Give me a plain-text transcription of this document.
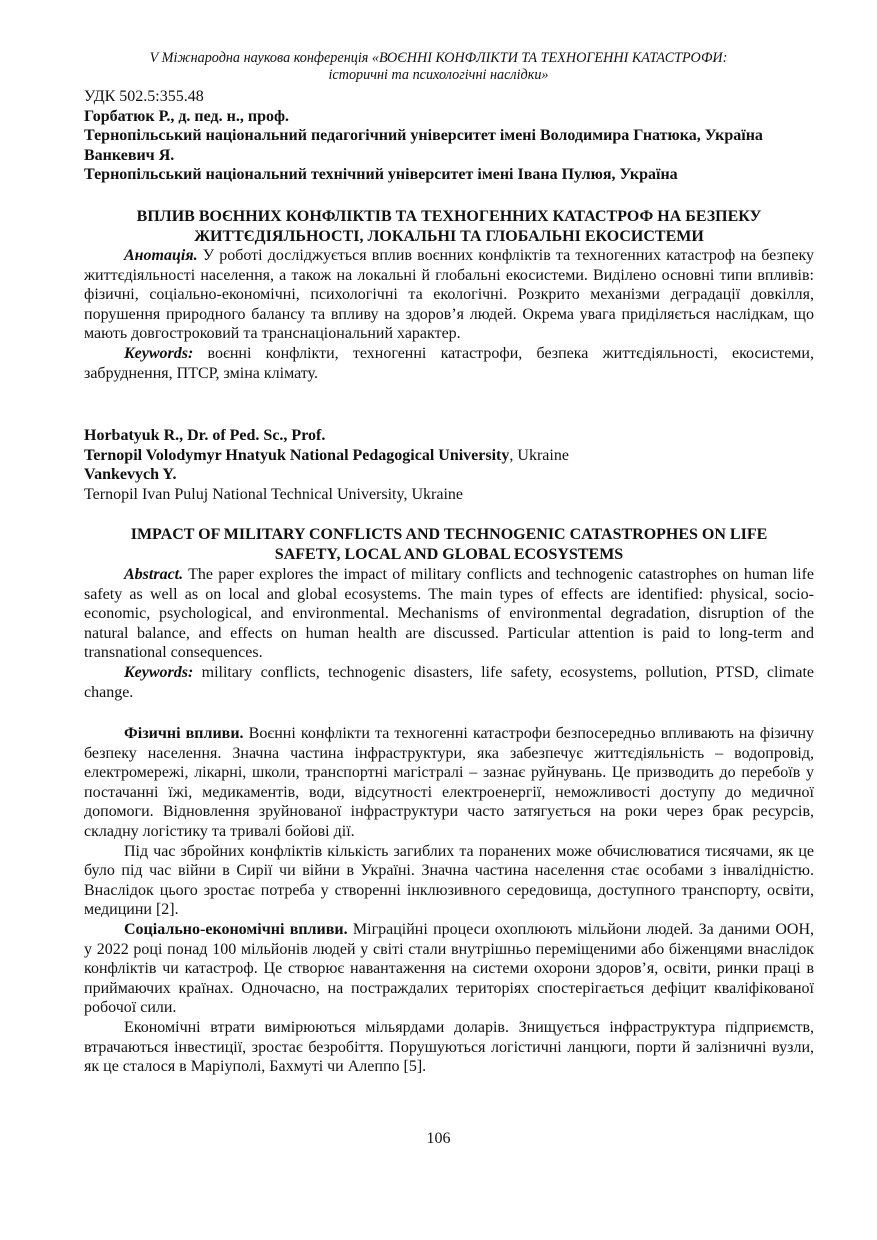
V Міжнародна наукова конференція «ВОЄННІ КОНФЛІКТИ ТА ТЕХНОГЕННІ КАТАСТРОФИ:
історичні та психологічні наслідки»
УДК 502.5:355.48
Горбатюк Р., д. пед. н., проф.
Тернопільський національний педагогічний університет імені Володимира Гнатюка, Україна
Ванкевич Я.
Тернопільський національний технічний університет імені Івана Пулюя, Україна
ВПЛИВ ВОЄННИХ КОНФЛІКТІВ ТА ТЕХНОГЕННИХ КАТАСТРОФ НА БЕЗПЕКУ
ЖИТТЄДІЯЛЬНОСТІ, ЛОКАЛЬНІ ТА ГЛОБАЛЬНІ ЕКОСИСТЕМИ

Анотація. У роботі досліджується вплив воєнних конфліктів та техногенних катастроф на безпеку життєдіяльності населення, а також на локальні й глобальні екосистеми. Виділено основні типи впливів: фізичні, соціально-економічні, психологічні та екологічні. Розкрито механізми деградації довкілля, порушення природного балансу та впливу на здоров’я людей. Окрема увага приділяється наслідкам, що мають довгостроковий та транснаціональний характер.

Keywords: воєнні конфлікти, техногенні катастрофи, безпека життєдіяльності, екосистеми, забруднення, ПТСР, зміна клімату.

Horbatyuk R., Dr. of Ped. Sc., Prof.
Ternopil Volodymyr Hnatyuk National Pedagogical University, Ukraine
Vankevych Y.
Ternopil Ivan Puluj National Technical University, Ukraine
IMPACT OF MILITARY CONFLICTS AND TECHNOGENIC CATASTROPHES ON LIFE
SAFETY, LOCAL AND GLOBAL ECOSYSTEMS

Abstract. The paper explores the impact of military conflicts and technogenic catastrophes on human life safety as well as on local and global ecosystems. The main types of effects are identified: physical, socio-economic, psychological, and environmental. Mechanisms of environmental degradation, disruption of the natural balance, and effects on human health are discussed. Particular attention is paid to long-term and transnational consequences.

Keywords: military conflicts, technogenic disasters, life safety, ecosystems, pollution, PTSD, climate change.

Фізичні впливи. Воєнні конфлікти та техногенні катастрофи безпосередньо впливають на фізичну безпеку населення. Значна частина інфраструктури, яка забезпечує життєдіяльність – водопровід, електромережі, лікарні, школи, транспортні магістралі – зазнає руйнувань. Це призводить до перебоїв у постачанні їжі, медикаментів, води, відсутності електроенергії, неможливості доступу до медичної допомоги. Відновлення зруйнованої інфраструктури часто затягується на роки через брак ресурсів, складну логістику та тривалі бойові дії.

Під час збройних конфліктів кількість загиблих та поранених може обчислюватися тисячами, як це було під час війни в Сирії чи війни в Україні. Значна частина населення стає особами з інвалідністю. Внаслідок цього зростає потреба у створенні інклюзивного середовища, доступного транспорту, освіти, медицини [2].

Соціально-економічні впливи. Міграційні процеси охоплюють мільйони людей. За даними ООН, у 2022 році понад 100 мільйонів людей у світі стали внутрішньо переміщеними або біженцями внаслідок конфліктів чи катастроф. Це створює навантаження на системи охорони здоров’я, освіти, ринки праці в приймаючих країнах. Одночасно, на постраждалих територіях спостерігається дефіцит кваліфікованої робочої сили.

Економічні втрати вимірюються мільярдами доларів. Знищується інфраструктура підприємств, втрачаються інвестиції, зростає безробіття. Порушуються логістичні ланцюги, порти й залізничні вузли, як це сталося в Маріуполі, Бахмуті чи Алеппо [5].

106
